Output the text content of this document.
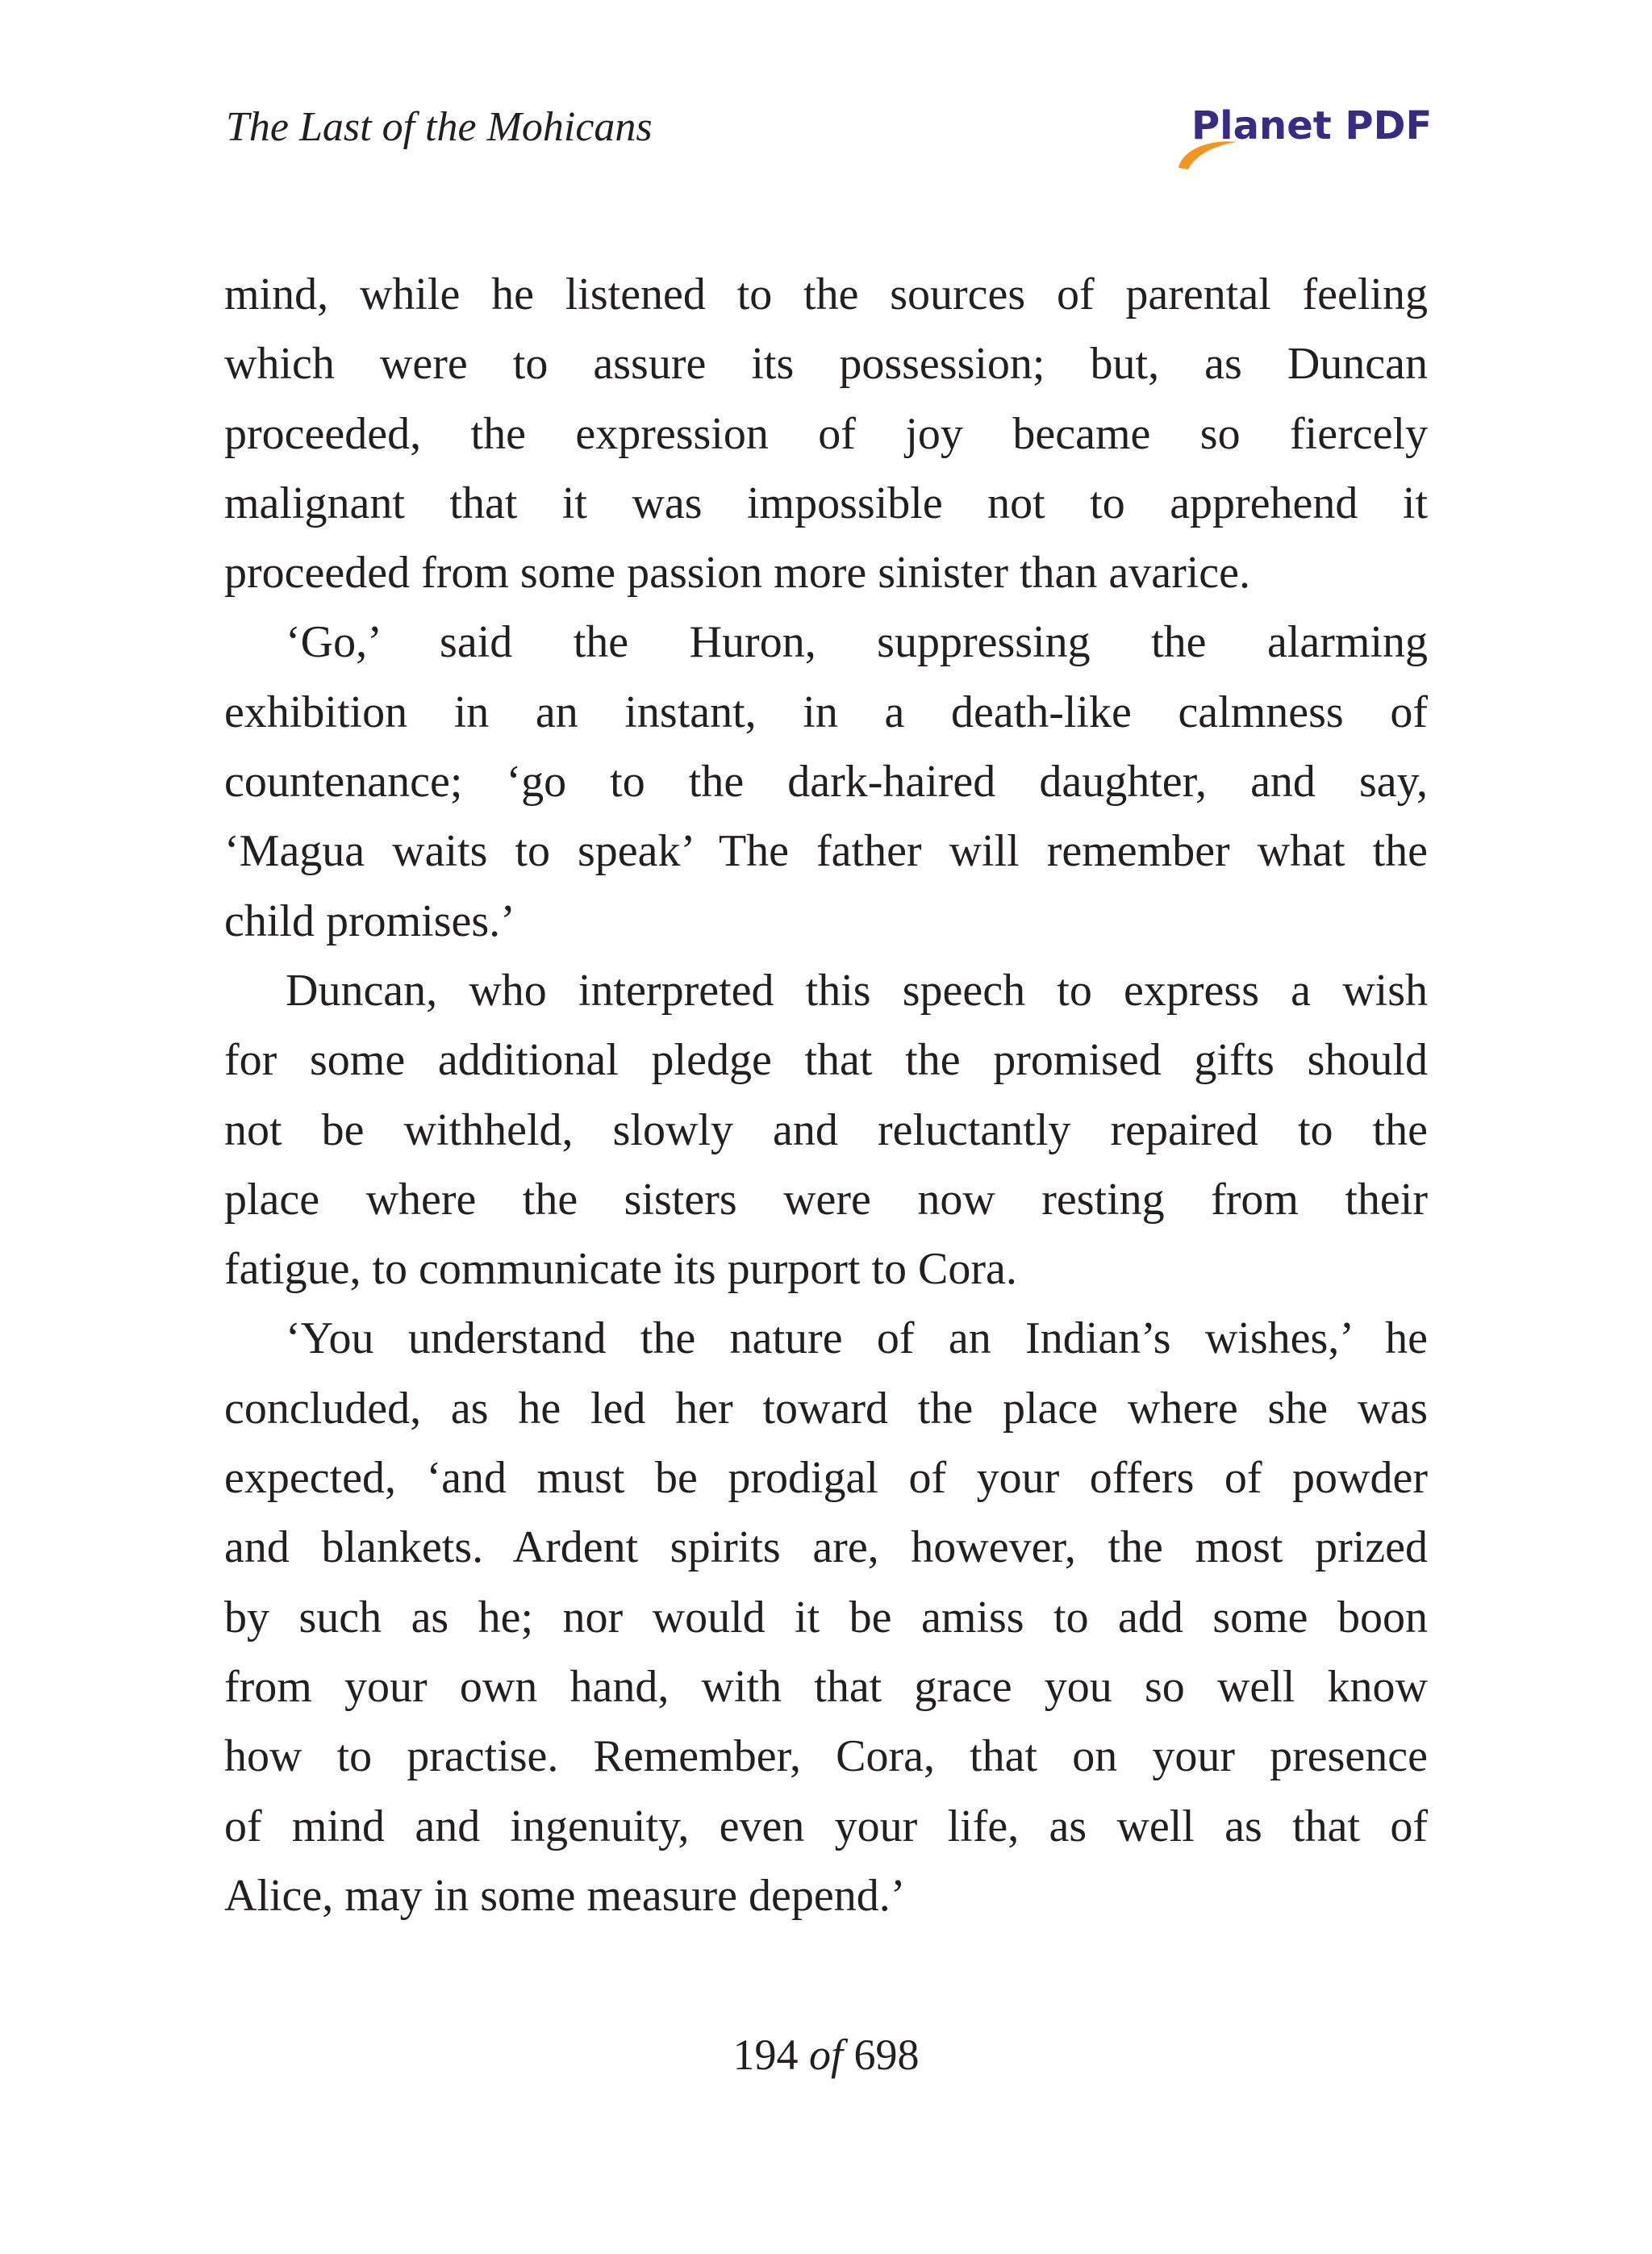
The Last of the Mohicans	Planet PDF
mind, while he listened to the sources of parental feeling
which were to assure its possession; but, as Duncan
proceeded, the expression of joy became so fiercely
malignant that it was impossible not to apprehend it
proceeded from some passion more sinister than avarice.
‘Go,’ said the Huron, suppressing the alarming
exhibition in an instant, in a death-like calmness of
countenance; ‘go to the dark-haired daughter, and say,
‘Magua waits to speak’ The father will remember what the
child promises.’
Duncan, who interpreted this speech to express a wish
for some additional pledge that the promised gifts should
not be withheld, slowly and reluctantly repaired to the
place where the sisters were now resting from their
fatigue, to communicate its purport to Cora.
‘You understand the nature of an Indian’s wishes,’ he
concluded, as he led her toward the place where she was
expected, ‘and must be prodigal of your offers of powder
and blankets. Ardent spirits are, however, the most prized
by such as he; nor would it be amiss to add some boon
from your own hand, with that grace you so well know
how to practise. Remember, Cora, that on your presence
of mind and ingenuity, even your life, as well as that of
Alice, may in some measure depend.’
194 of 698
